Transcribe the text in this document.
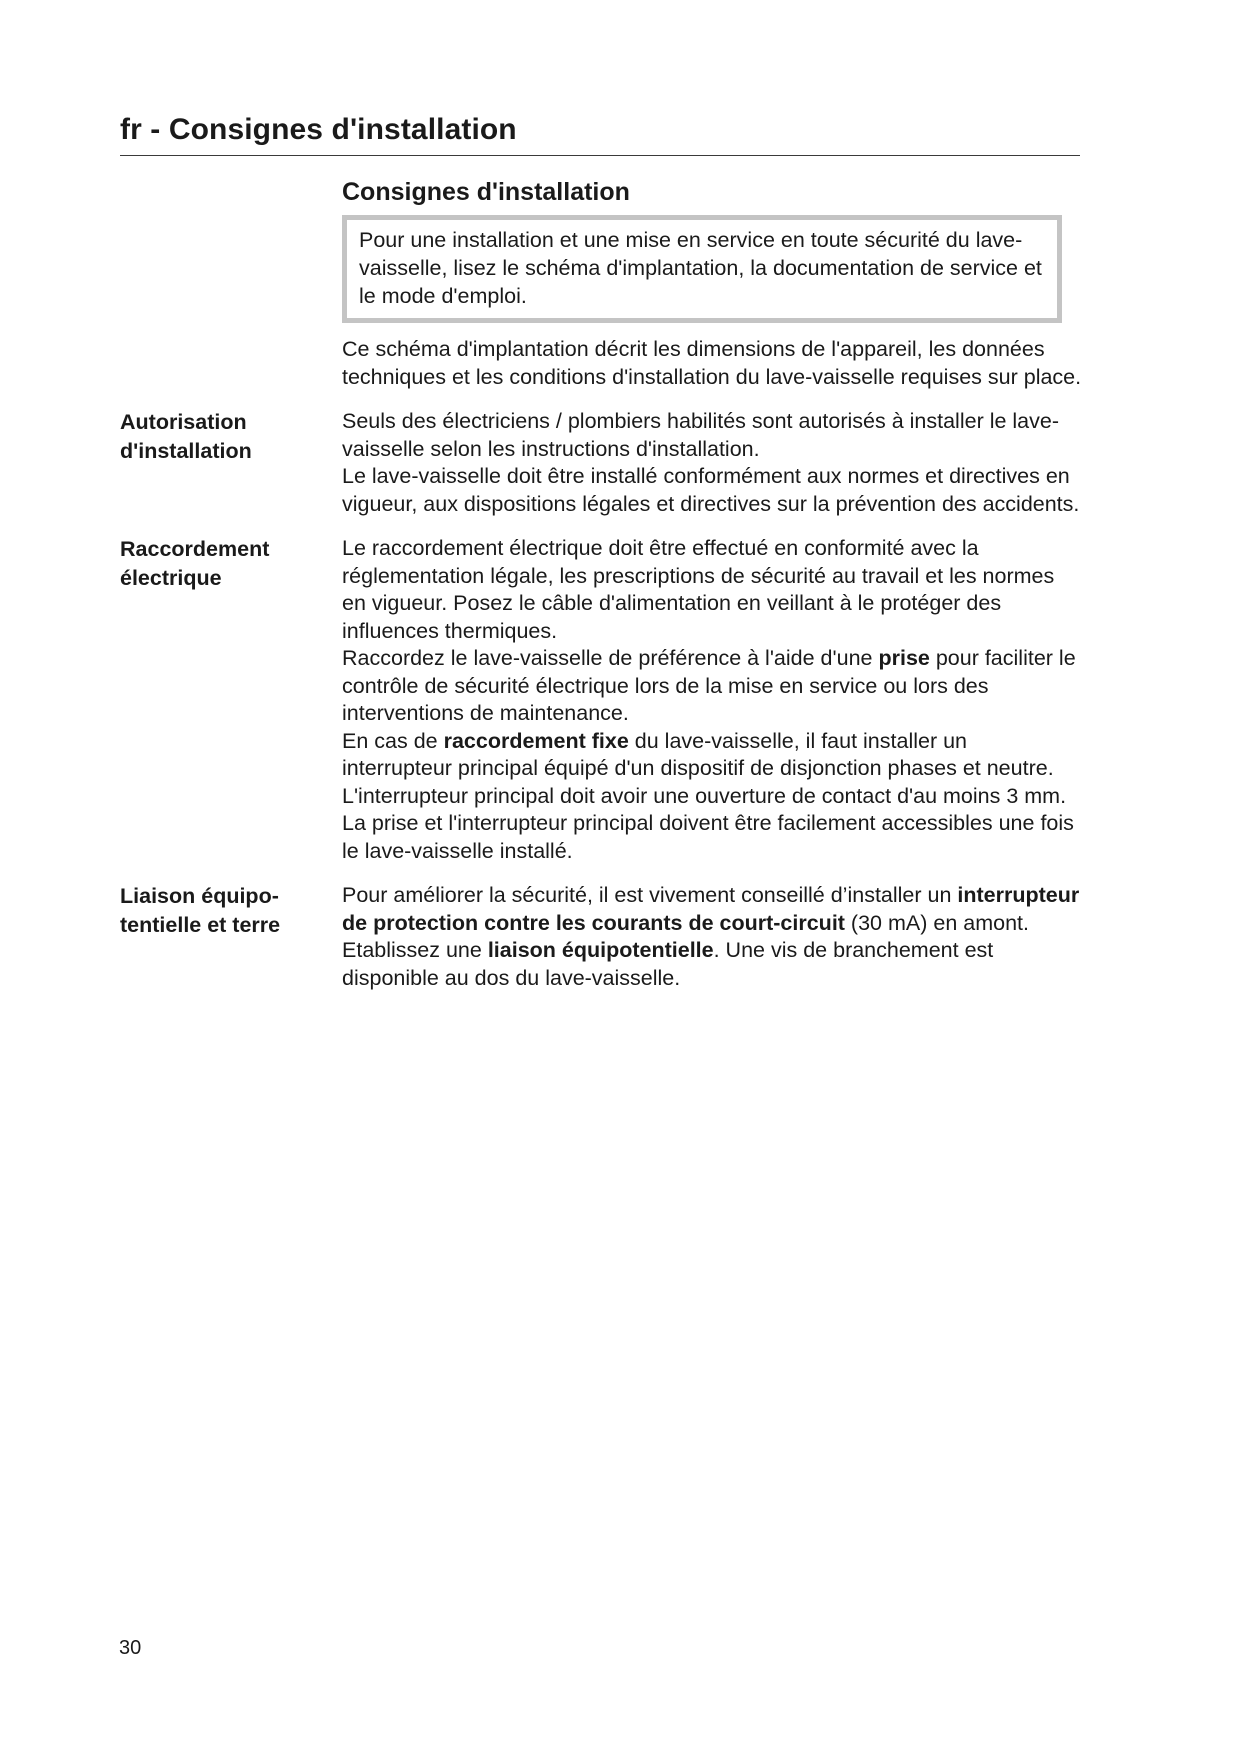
fr - Consignes d'installation
Consignes d'installation
Pour une installation et une mise en service en toute sécurité du lave-vaisselle, lisez le schéma d'implantation, la documentation de service et le mode d'emploi.

Ce schéma d'implantation décrit les dimensions de l'appareil, les données techniques et les conditions d'installation du lave-vaisselle requises sur place.

Autorisation
d'installation

Seuls des électriciens / plombiers habilités sont autorisés à installer le lave-vaisselle selon les instructions d'installation.

Le lave-vaisselle doit être installé conformément aux normes et directives en vigueur, aux dispositions légales et directives sur la prévention des accidents.

Raccordement
électrique

Le raccordement électrique doit être effectué en conformité avec la réglementation légale, les prescriptions de sécurité au travail et les normes en vigueur. Posez le câble d'alimentation en veillant à le protéger des influences thermiques.

Raccordez le lave-vaisselle de préférence à l'aide d'une prise pour faciliter le contrôle de sécurité électrique lors de la mise en service ou lors des interventions de maintenance.

En cas de raccordement fixe du lave-vaisselle, il faut installer un interrupteur principal équipé d'un dispositif de disjonction phases et neutre. L'interrupteur principal doit avoir une ouverture de contact d'au moins 3 mm.

La prise et l'interrupteur principal doivent être facilement accessibles une fois le lave-vaisselle installé.

Liaison équipo-
tentielle et terre

Pour améliorer la sécurité, il est vivement conseillé d’installer un interrupteur de protection contre les courants de court-circuit (30 mA) en amont.

Etablissez une liaison équipotentielle. Une vis de branchement est disponible au dos du lave-vaisselle.

30
